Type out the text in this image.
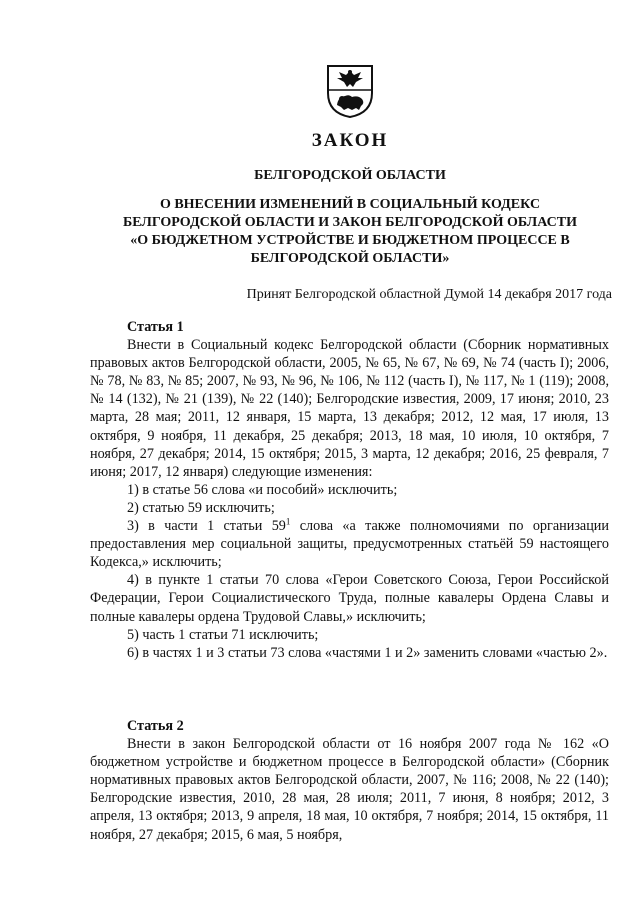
ЗАКОН
БЕЛГОРОДСКОЙ ОБЛАСТИ
О ВНЕСЕНИИ ИЗМЕНЕНИЙ В СОЦИАЛЬНЫЙ КОДЕКС
БЕЛГОРОДСКОЙ ОБЛАСТИ И ЗАКОН БЕЛГОРОДСКОЙ ОБЛАСТИ
«О БЮДЖЕТНОМ УСТРОЙСТВЕ И БЮДЖЕТНОМ ПРОЦЕССЕ В
БЕЛГОРОДСКОЙ ОБЛАСТИ»
Принят Белгородской областной Думой 14 декабря 2017 года

Статья 1

Внести в Социальный кодекс Белгородской области (Сборник нормативных правовых актов Белгородской области, 2005, № 65, № 67, № 69, № 74 (часть I); 2006, № 78, № 83, № 85; 2007, № 93, № 96, № 106, № 112 (часть I), № 117, № 1 (119); 2008, № 14 (132), № 21 (139), № 22 (140); Белгородские известия, 2009, 17 июня; 2010, 23 марта, 28 мая; 2011, 12 января, 15 марта, 13 декабря; 2012, 12 мая, 17 июля, 13 октября, 9 ноября, 11 декабря, 25 декабря; 2013, 18 мая, 10 июля, 10 октября, 7 ноября, 27 декабря; 2014, 15 октября; 2015, 3 марта, 12 декабря; 2016, 25 февраля, 7 июня; 2017, 12 января) следующие изменения:

1) в статье 56 слова «и пособий» исключить;

2) статью 59 исключить;

3) в части 1 статьи $59^1$ слова «а также полномочиями по организации предоставления мер социальной защиты, предусмотренных статьёй 59 настоящего Кодекса,» исключить;

4) в пункте 1 статьи 70 слова «Герои Советского Союза, Герои Российской Федерации, Герои Социалистического Труда, полные кавалеры Ордена Славы и полные кавалеры ордена Трудовой Славы,» исключить;

5) часть 1 статьи 71 исключить;

6) в частях 1 и 3 статьи 73 слова «частями 1 и 2» заменить словами «частью 2».

Статья 2

Внести в закон Белгородской области от 16 ноября 2007 года № 162 «О бюджетном устройстве и бюджетном процессе в Белгородской области» (Сборник нормативных правовых актов Белгородской области, 2007, № 116; 2008, № 22 (140); Белгородские известия, 2010, 28 мая, 28 июля; 2011, 7 июня, 8 ноября; 2012, 3 апреля, 13 октября; 2013, 9 апреля, 18 мая, 10 октября, 7 ноября; 2014, 15 октября, 11 ноября, 27 декабря; 2015, 6 мая, 5 ноября,
